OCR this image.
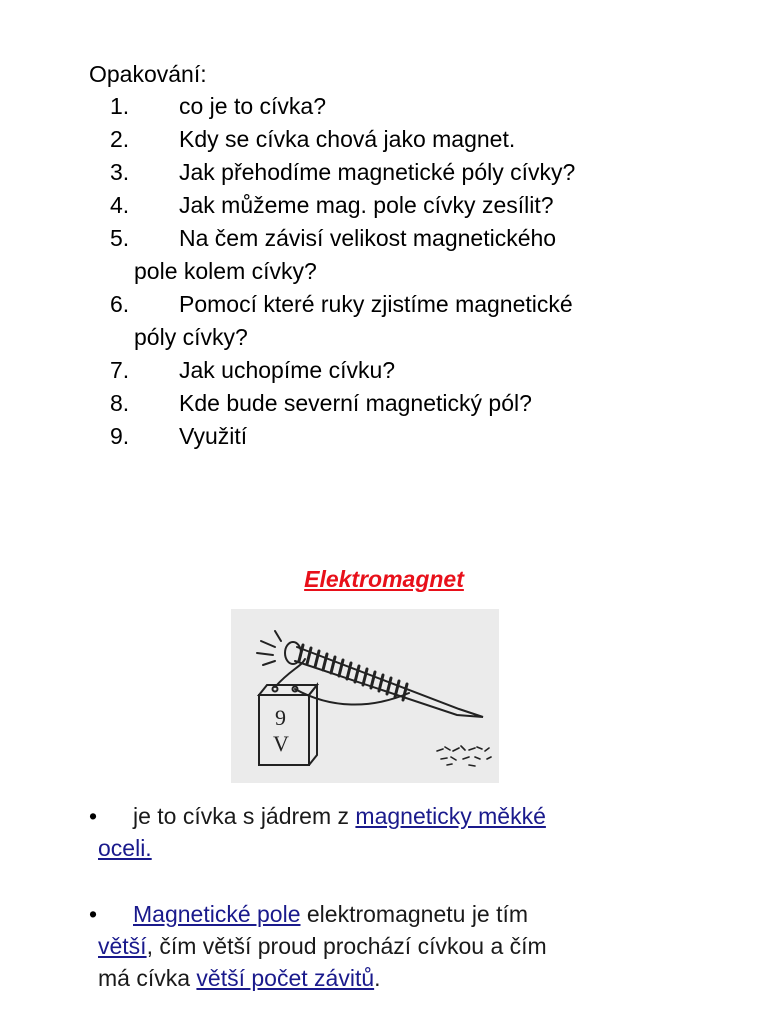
Opakování:
1. co je to cívka?
2. Kdy se cívka chová jako magnet.
3. Jak přehodíme magnetické póly cívky?
4. Jak můžeme mag. pole cívky zesílit?
5. Na čem závisí velikost magnetického
pole kolem cívky?
6. Pomocí které ruky zjistíme magnetické
póly cívky?
7. Jak uchopíme cívku?
8. Kde bude severní magnetický pól?
9. Využití
Elektromagnet
9
V
• je to cívka s jádrem z magneticky měkké
oceli.
• Magnetické pole elektromagnetu je tím
větší, čím větší proud prochází cívkou a čím
má cívka větší počet závitů.
